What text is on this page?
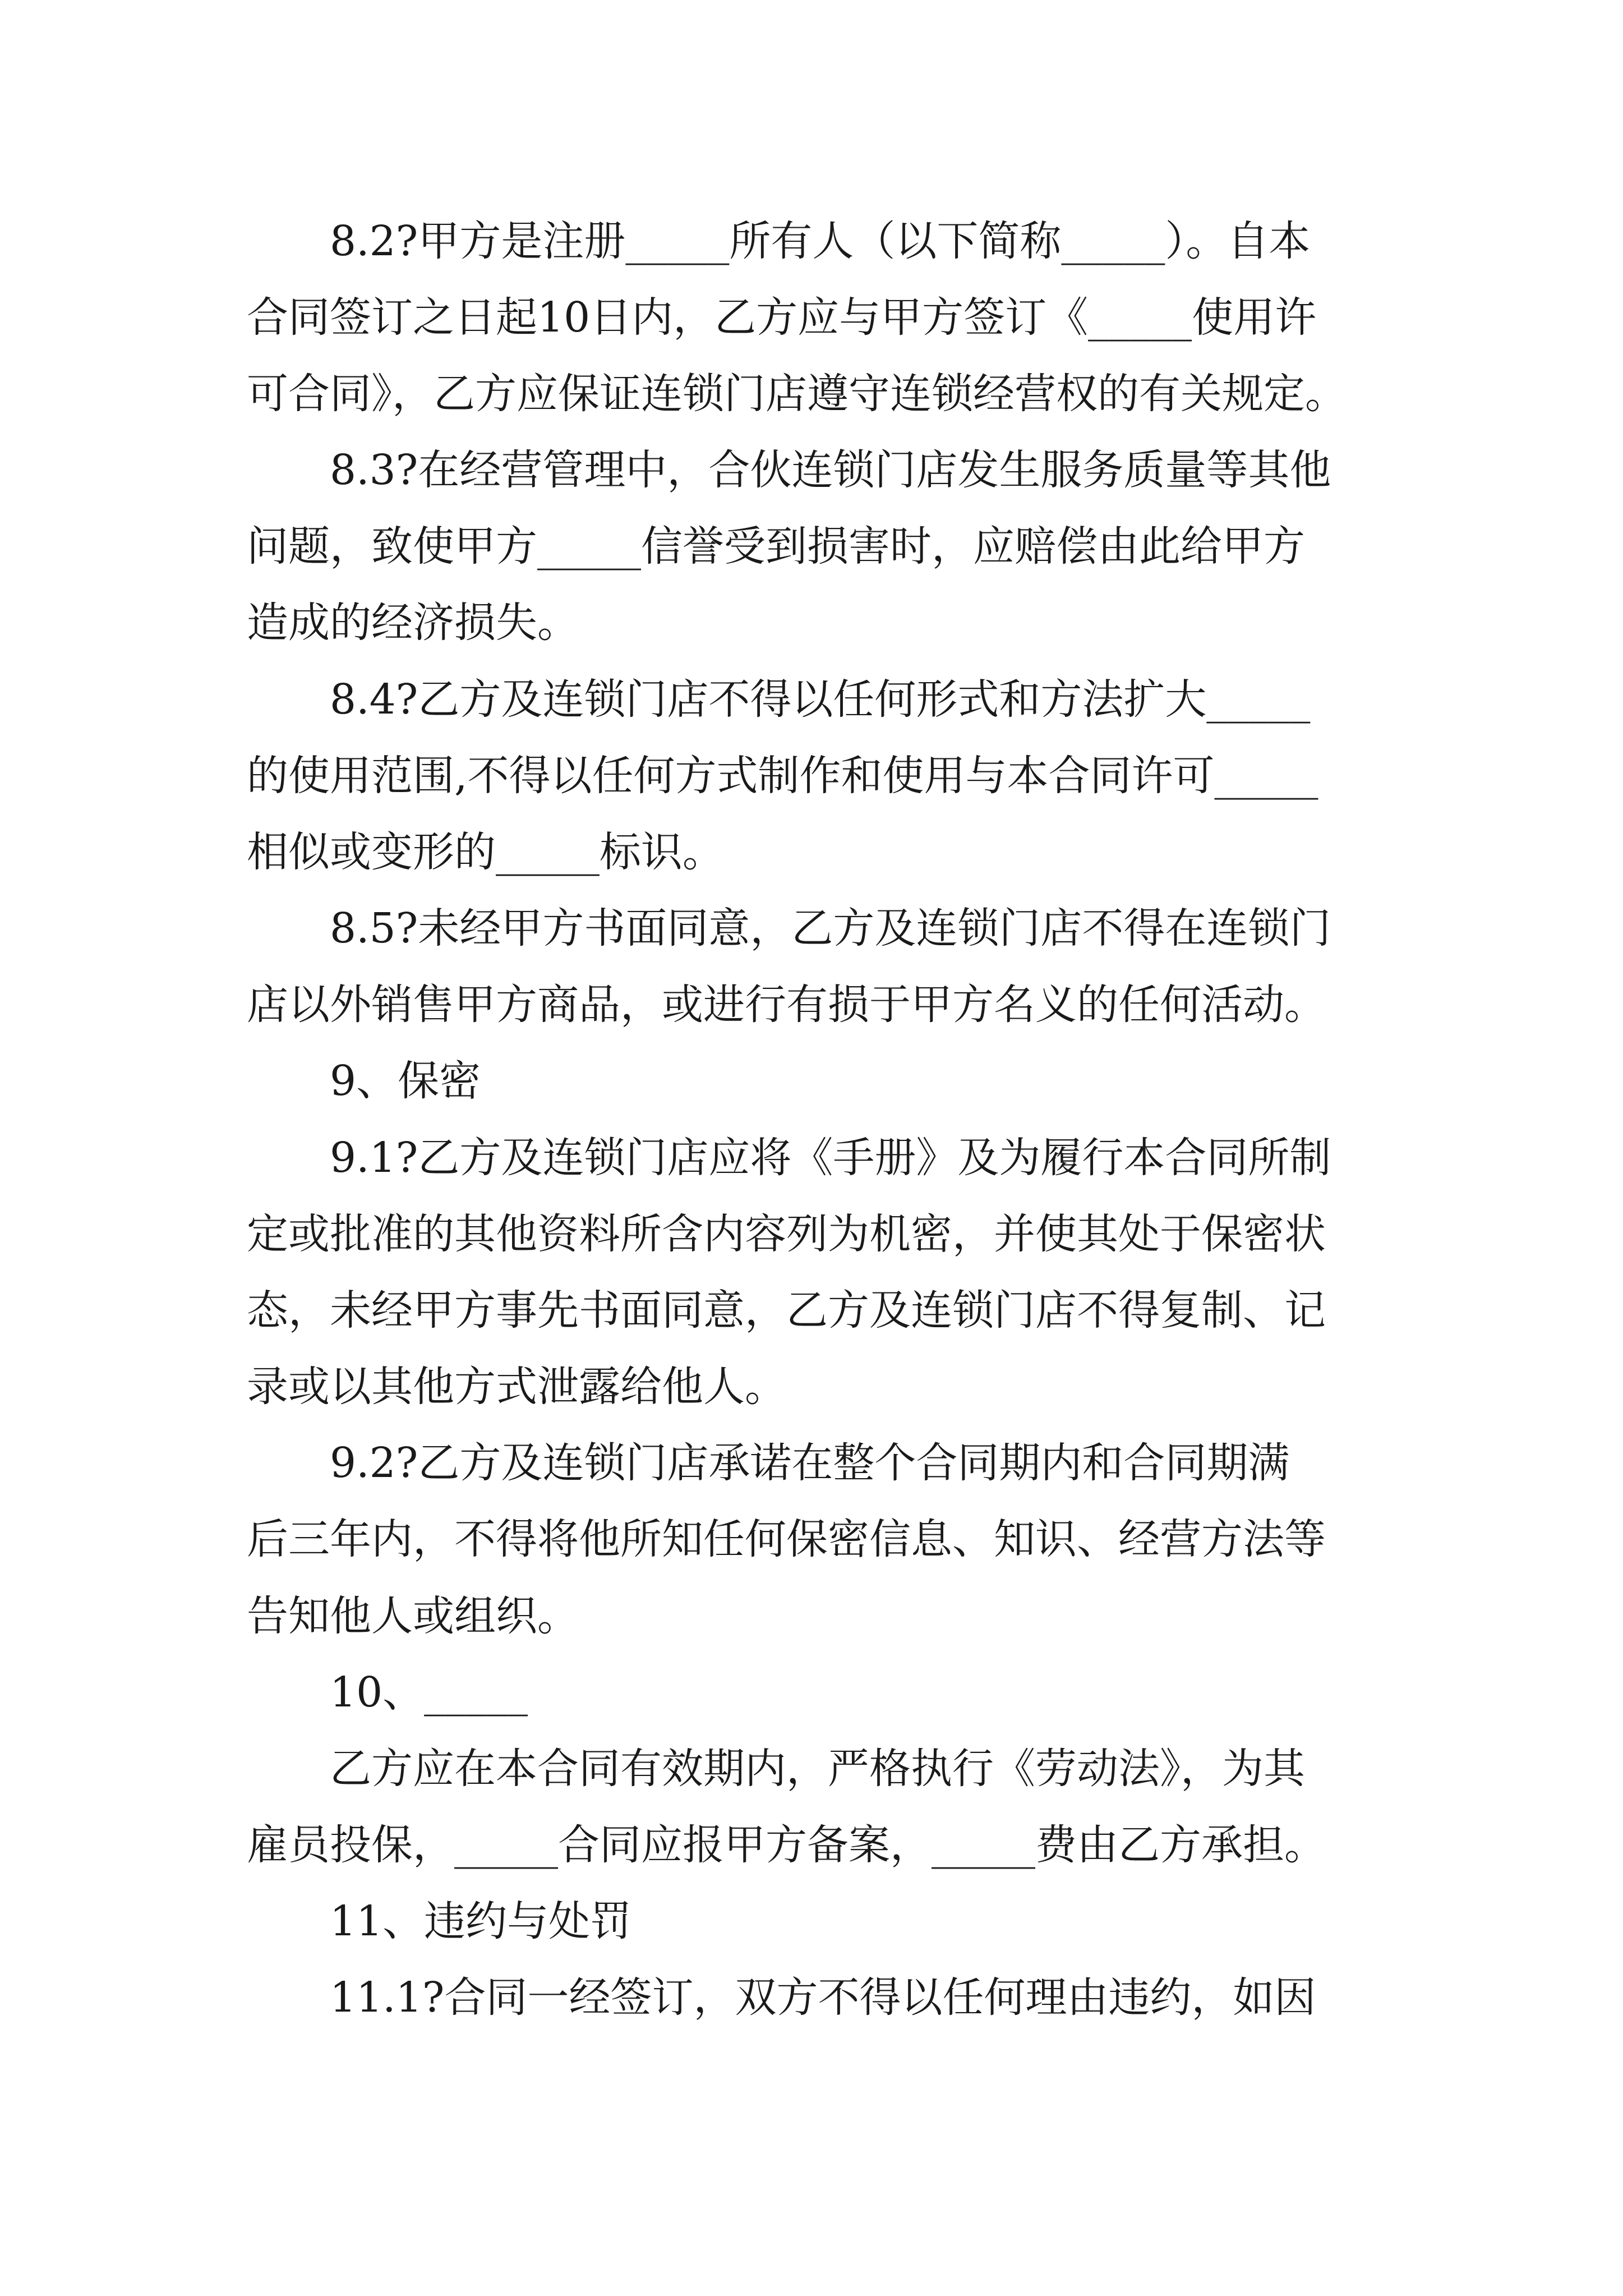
8.2?甲方是注册_____所有人（以下简称_____）。自本
合同签订之日起10日内，乙方应与甲方签订《_____使用许
可合同》，乙方应保证连锁门店遵守连锁经营权的有关规定。
8.3?在经营管理中，合伙连锁门店发生服务质量等其他
问题，致使甲方_____信誉受到损害时，应赔偿由此给甲方
造成的经济损失。
8.4?乙方及连锁门店不得以任何形式和方法扩大_____
的使用范围,不得以任何方式制作和使用与本合同许可_____
相似或变形的_____标识。
8.5?未经甲方书面同意，乙方及连锁门店不得在连锁门
店以外销售甲方商品，或进行有损于甲方名义的任何活动。
9、保密
9.1?乙方及连锁门店应将《手册》及为履行本合同所制
定或批准的其他资料所含内容列为机密，并使其处于保密状
态，未经甲方事先书面同意，乙方及连锁门店不得复制、记
录或以其他方式泄露给他人。
9.2?乙方及连锁门店承诺在整个合同期内和合同期满
后三年内，不得将他所知任何保密信息、知识、经营方法等
告知他人或组织。
10、_____
乙方应在本合同有效期内，严格执行《劳动法》，为其
雇员投保，_____合同应报甲方备案，_____费由乙方承担。
11、违约与处罚
11.1?合同一经签订，双方不得以任何理由违约，如因
